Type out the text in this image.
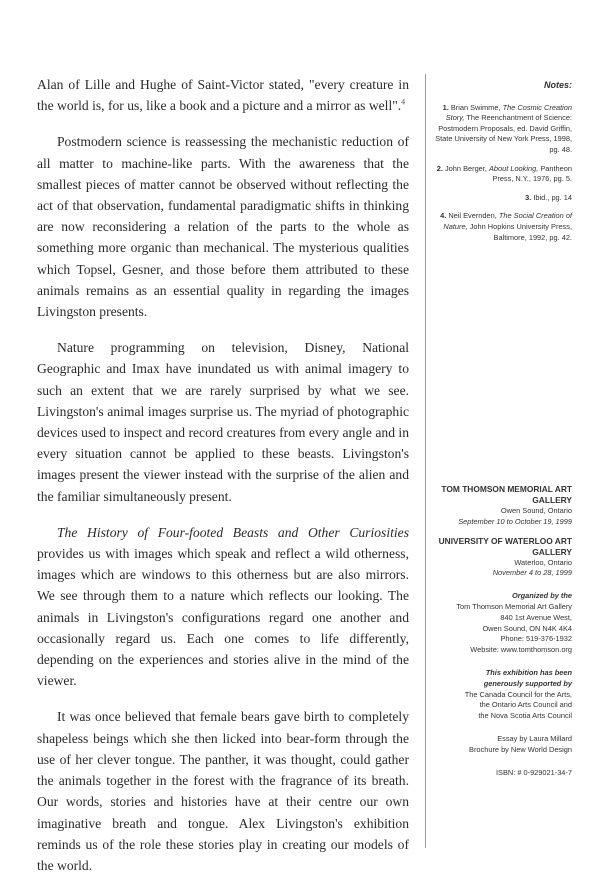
Alan of Lille and Hughe of Saint-Victor stated, "every creature in the world is, for us, like a book and a picture and a mirror as well".$^4$

Postmodern science is reassessing the mechanistic reduction of all matter to machine-like parts. With the awareness that the smallest pieces of matter cannot be observed without reflecting the act of that observation, fundamental paradigmatic shifts in thinking are now reconsidering a relation of the parts to the whole as something more organic than mechanical. The mysterious qualities which Topsel, Gesner, and those before them attributed to these animals remains as an essential quality in regarding the images Livingston presents.

Nature programming on television, Disney, National Geographic and Imax have inundated us with animal imagery to such an extent that we are rarely surprised by what we see. Livingston's animal images surprise us. The myriad of photographic devices used to inspect and record creatures from every angle and in every situation cannot be applied to these beasts. Livingston's images present the viewer instead with the surprise of the alien and the familiar simultaneously present.

The History of Four-footed Beasts and Other Curiosities provides us with images which speak and reflect a wild otherness, images which are windows to this otherness but are also mirrors. We see through them to a nature which reflects our looking. The animals in Livingston's configurations regard one another and occasionally regard us. Each one comes to life differently, depending on the experiences and stories alive in the mind of the viewer.

It was once believed that female bears gave birth to completely shapeless beings which she then licked into bear-form through the use of her clever tongue. The panther, it was thought, could gather the animals together in the forest with the fragrance of its breath. Our words, stories and histories have at their centre our own imaginative breath and tongue. Alex Livingston's exhibition reminds us of the role these stories play in creating our models of the world.

Notes:
1. Brian Swimme, The Cosmic Creation Story, The Reenchantment of Science: Postmodern Proposals, ed. David Griffin, State University of New York Press, 1998, pg. 48.
2. John Berger, About Looking, Pantheon Press, N.Y., 1976, pg. 5.
3. Ibid., pg. 14
4. Neil Evernden, The Social Creation of Nature, John Hopkins University Press, Baltimore, 1992, pg. 42.
TOM THOMSON MEMORIAL ART GALLERY
Owen Sound, Ontario
September 10 to October 19, 1999
UNIVERSITY OF WATERLOO ART GALLERY
Waterloo, Ontario
November 4 to 28, 1999
Organized by the
Tom Thomson Memorial Art Gallery
840 1st Avenue West,
Owen Sound, ON N4K 4K4
Phone: 519-376-1932
Website: www.tomthomson.org
This exhibition has been
generously supported by
The Canada Council for the Arts,
the Ontario Arts Council and
the Nova Scotia Arts Council
Essay by Laura Millard
Brochure by New World Design
ISBN: # 0-929021-34-7
